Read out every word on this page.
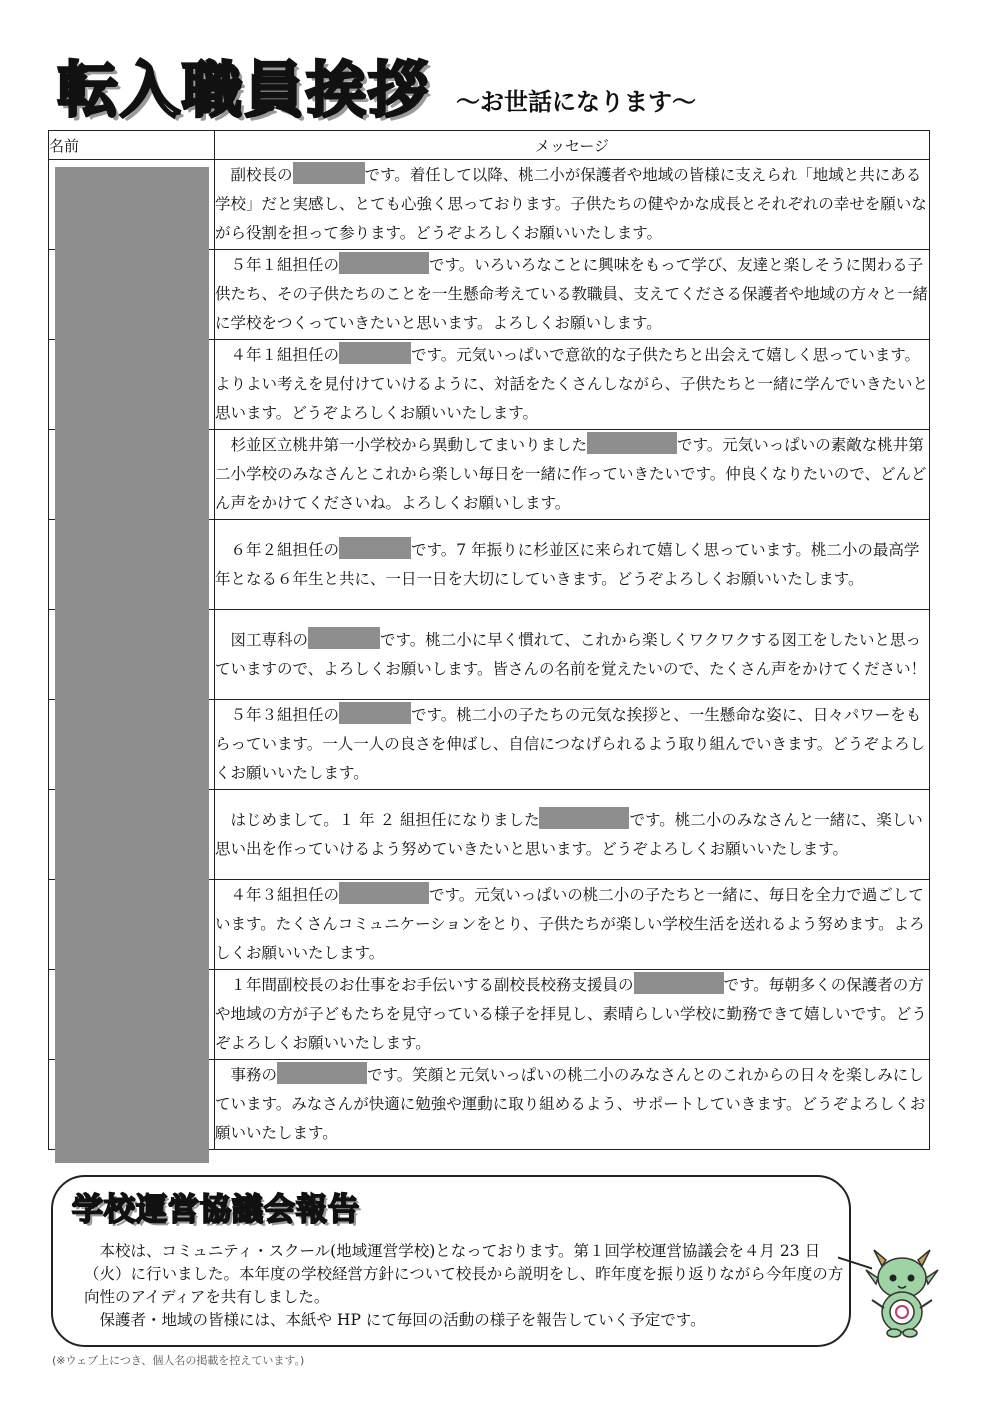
転入職員挨拶 ～お世話になります～
名前	メッセージ
	副校長の です。着任して以降、桃二小が保護者や地域の皆様に支えられ「地域と共にある学校」だと実感し、とても心強く思っております。子供たちの健やかな成長とそれぞれの幸せを願いながら役割を担って参ります。どうぞよろしくお願いいたします。
	５年１組担任の です。いろいろなことに興味をもって学び、友達と楽しそうに関わる子供たち、その子供たちのことを一生懸命考えている教職員、支えてくださる保護者や地域の方々と一緒に学校をつくっていきたいと思います。よろしくお願いします。
	４年１組担任の です。元気いっぱいで意欲的な子供たちと出会えて嬉しく思っています。よりよい考えを見付けていけるように、対話をたくさんしながら、子供たちと一緒に学んでいきたいと思います。どうぞよろしくお願いいたします。
	杉並区立桃井第一小学校から異動してまいりました です。元気いっぱいの素敵な桃井第二小学校のみなさんとこれから楽しい毎日を一緒に作っていきたいです。仲良くなりたいので、どんどん声をかけてくださいね。よろしくお願いします。
	６年２組担任の です。7 年振りに杉並区に来られて嬉しく思っています。桃二小の最高学年となる６年生と共に、一日一日を大切にしていきます。どうぞよろしくお願いいたします。
	図工専科の です。桃二小に早く慣れて、これから楽しくワクワクする図工をしたいと思っていますので、よろしくお願いします。皆さんの名前を覚えたいので、たくさん声をかけてください！
	５年３組担任の です。桃二小の子たちの元気な挨拶と、一生懸命な姿に、日々パワーをもらっています。一人一人の良さを伸ばし、自信につなげられるよう取り組んでいきます。どうぞよろしくお願いいたします。
	はじめまして。１ 年 ２ 組担任になりました です。桃二小のみなさんと一緒に、楽しい思い出を作っていけるよう努めていきたいと思います。どうぞよろしくお願いいたします。
	４年３組担任の です。元気いっぱいの桃二小の子たちと一緒に、毎日を全力で過ごしています。たくさんコミュニケーションをとり、子供たちが楽しい学校生活を送れるよう努めます。よろしくお願いいたします。
	１年間副校長のお仕事をお手伝いする副校長校務支援員の です。毎朝多くの保護者の方や地域の方が子どもたちを見守っている様子を拝見し、素晴らしい学校に勤務できて嬉しいです。どうぞよろしくお願いいたします。
	事務の です。笑顔と元気いっぱいの桃二小のみなさんとのこれからの日々を楽しみにしています。みなさんが快適に勉強や運動に取り組めるよう、サポートしていきます。どうぞよろしくお願いいたします。
学校運営協議会報告

本校は、コミュニティ・スクール(地域運営学校)となっております。第１回学校運営協議会を４月 23 日（火）に行いました。本年度の学校経営方針について校長から説明をし、昨年度を振り返りながら今年度の方向性のアイディアを共有しました。

保護者・地域の皆様には、本紙や HP にて毎回の活動の様子を報告していく予定です。

(※ウェブ上につき、個人名の掲載を控えています。)
